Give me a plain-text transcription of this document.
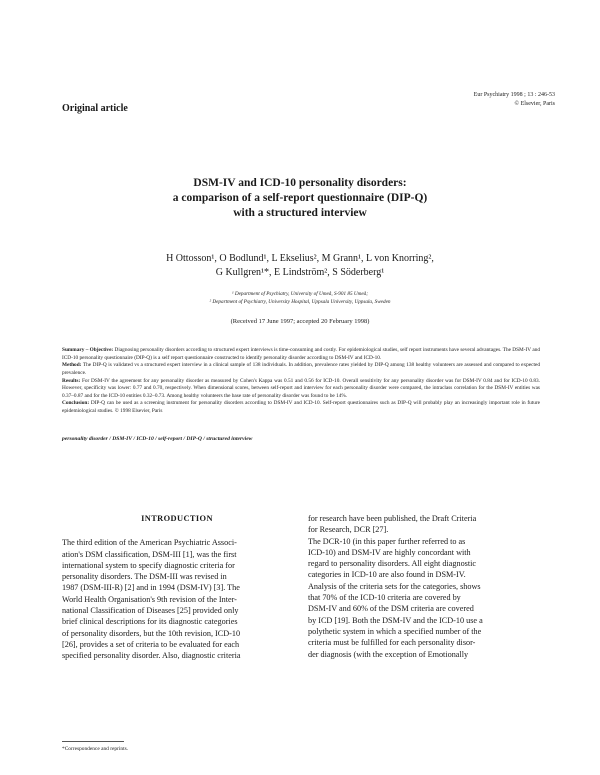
Original article
Eur Psychiatry 1998 ; 13 : 246-53
© Elsevier, Paris
DSM-IV and ICD-10 personality disorders:
a comparison of a self-report questionnaire (DIP-Q)
with a structured interview
H Ottosson¹, O Bodlund¹, L Ekselius², M Grann¹, L von Knorring²,
G Kullgren¹*, E Lindström², S Söderberg¹
¹ Department of Psychiatry, University of Umeå, S-901 85 Umeå;
² Department of Psychiatry, University Hospital, Uppsala University, Uppsala, Sweden
(Received 17 June 1997; accepted 20 February 1998)

Summary – Objective: Diagnosing personality disorders according to structured expert interviews is time-consuming and costly. For epidemiological studies, self report instruments have several advantages. The DSM-IV and ICD-10 personality questionnaire (DIP-Q) is a self report questionnaire constructed to identify personality disorder according to DSM-IV and ICD-10.

Method: The DIP-Q is validated vs a structured expert interview in a clinical sample of 138 individuals. In addition, prevalence rates yielded by DIP-Q among 138 healthy volunteers are assessed and compared to expected prevalence.

Results: For DSM-IV the agreement for any personality disorder as measured by Cohen's Kappa was 0.51 and 0.56 for ICD-10. Overall sensitivity for any personality disorder was for DSM-IV 0.84 and for ICD-10 0.83. However, specificity was lower: 0.77 and 0.70, respectively. When dimensional scores, between self-report and interview for each personality disorder were compared, the intraclass correlation for the DSM-IV entities was 0.37–0.87 and for the ICD-10 entities 0.32–0.73. Among healthy volunteers the base rate of personality disorder was found to be 14%.

Conclusion: DIP-Q can be used as a screening instrument for personality disorders according to DSM-IV and ICD-10. Self-report questionnaires such as DIP-Q will probably play an increasingly important role in future epidemiological studies. © 1998 Elsevier, Paris

personality disorder / DSM-IV / ICD-10 / self-report / DIP-Q / structured interview
INTRODUCTION
The third edition of the American Psychiatric Associ-
ation's DSM classification, DSM-III [1], was the first
international system to specify diagnostic criteria for
personality disorders. The DSM-III was revised in
1987 (DSM-III-R) [2] and in 1994 (DSM-IV) [3]. The
World Health Organisation's 9th revision of the Inter-
national Classification of Diseases [25] provided only
brief clinical descriptions for its diagnostic categories
of personality disorders, but the 10th revision, ICD-10
[26], provides a set of criteria to be evaluated for each
specified personality disorder. Also, diagnostic criteria
for research have been published, the Draft Criteria
for Research, DCR [27].
The DCR-10 (in this paper further referred to as
ICD-10) and DSM-IV are highly concordant with
regard to personality disorders. All eight diagnostic
categories in ICD-10 are also found in DSM-IV.
Analysis of the criteria sets for the categories, shows
that 70% of the ICD-10 criteria are covered by
DSM-IV and 60% of the DSM criteria are covered
by ICD [19]. Both the DSM-IV and the ICD-10 use a
polythetic system in which a specified number of the
criteria must be fulfilled for each personality disor-
der diagnosis (with the exception of Emotionally
*Correspondence and reprints.
